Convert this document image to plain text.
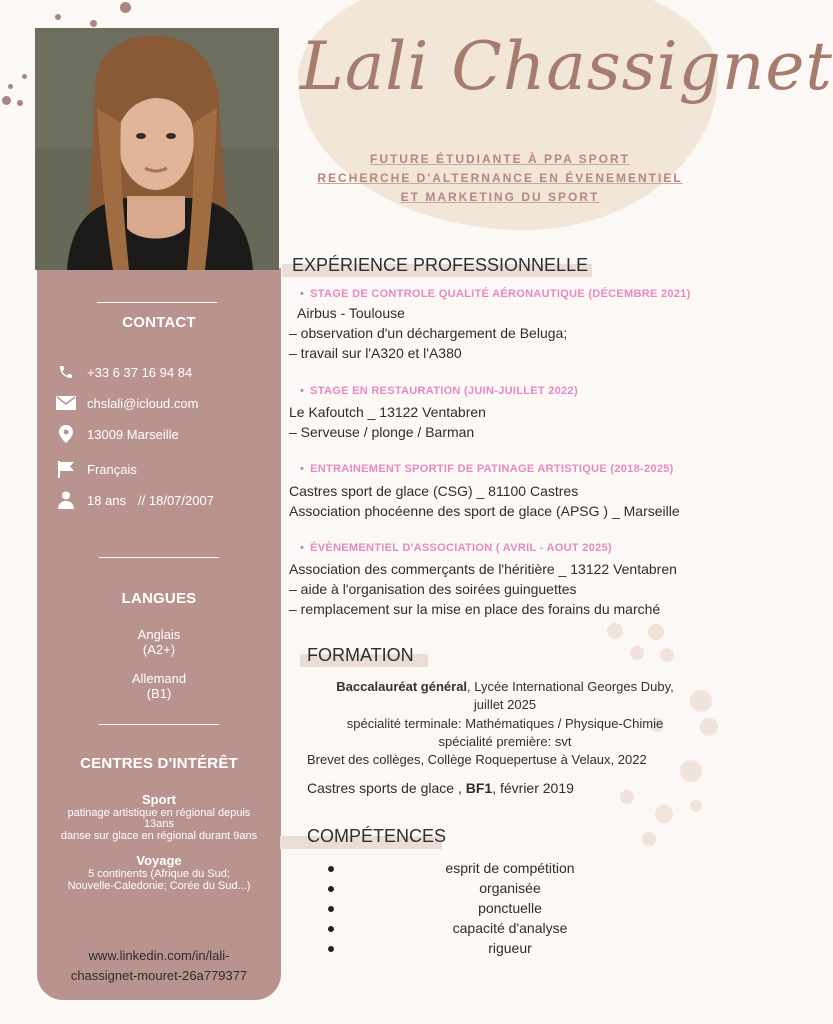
CONTACT
+33 6 37 16 94 84
chslali@icloud.com
13009 Marseille
Français
18 ans // 18/07/2007
LANGUES
Anglais
(A2+)
Allemand
(B1)
CENTRES D'INTÉRÊT
Sport
patinage artistique en régional depuis
13ans
danse sur glace en régional durant 9ans
Voyage
5 continents (Afrique du Sud;
Nouvelle-Caledonie; Corée du Sud...)
www.linkedin.com/in/lali-
chassignet-mouret-26a779377
Lali Chassignet
FUTURE ÉTUDIANTE À PPA SPORT
RECHERCHE D'ALTERNANCE EN ÉVENEMENTIEL
ET MARKETING DU SPORT
EXPÉRIENCE PROFESSIONNELLE
• STAGE DE CONTROLE QUALITÉ AÉRONAUTIQUE (DÉCEMBRE 2021)
Airbus - Toulouse
– observation d'un déchargement de Beluga;
– travail sur l'A320 et l'A380
• STAGE EN RESTAURATION (JUIN-JUILLET 2022)
Le Kafoutch _ 13122 Ventabren
– Serveuse / plonge / Barman
• ENTRAINEMENT SPORTIF DE PATINAGE ARTISTIQUE (2018-2025)
Castres sport de glace (CSG) _ 81100 Castres
Association phocéenne des sport de glace (APSG ) _ Marseille
• ÉVÈNEMENTIEL D'ASSOCIATION ( AVRIL - AOUT 2025)
Association des commerçants de l'héritière _ 13122 Ventabren
– aide à l'organisation des soirées guinguettes
– remplacement sur la mise en place des forains du marché
FORMATION
Baccalauréat général, Lycée International Georges Duby,
juillet 2025
spécialité terminale: Mathématiques / Physique-Chimie
spécialité première: svt
Brevet des collèges, Collège Roquepertuse à Velaux, 2022
Castres sports de glace , BF1, février 2019
COMPÉTENCES
esprit de compétition
organisée
ponctuelle
capacité d'analyse
rigueur
